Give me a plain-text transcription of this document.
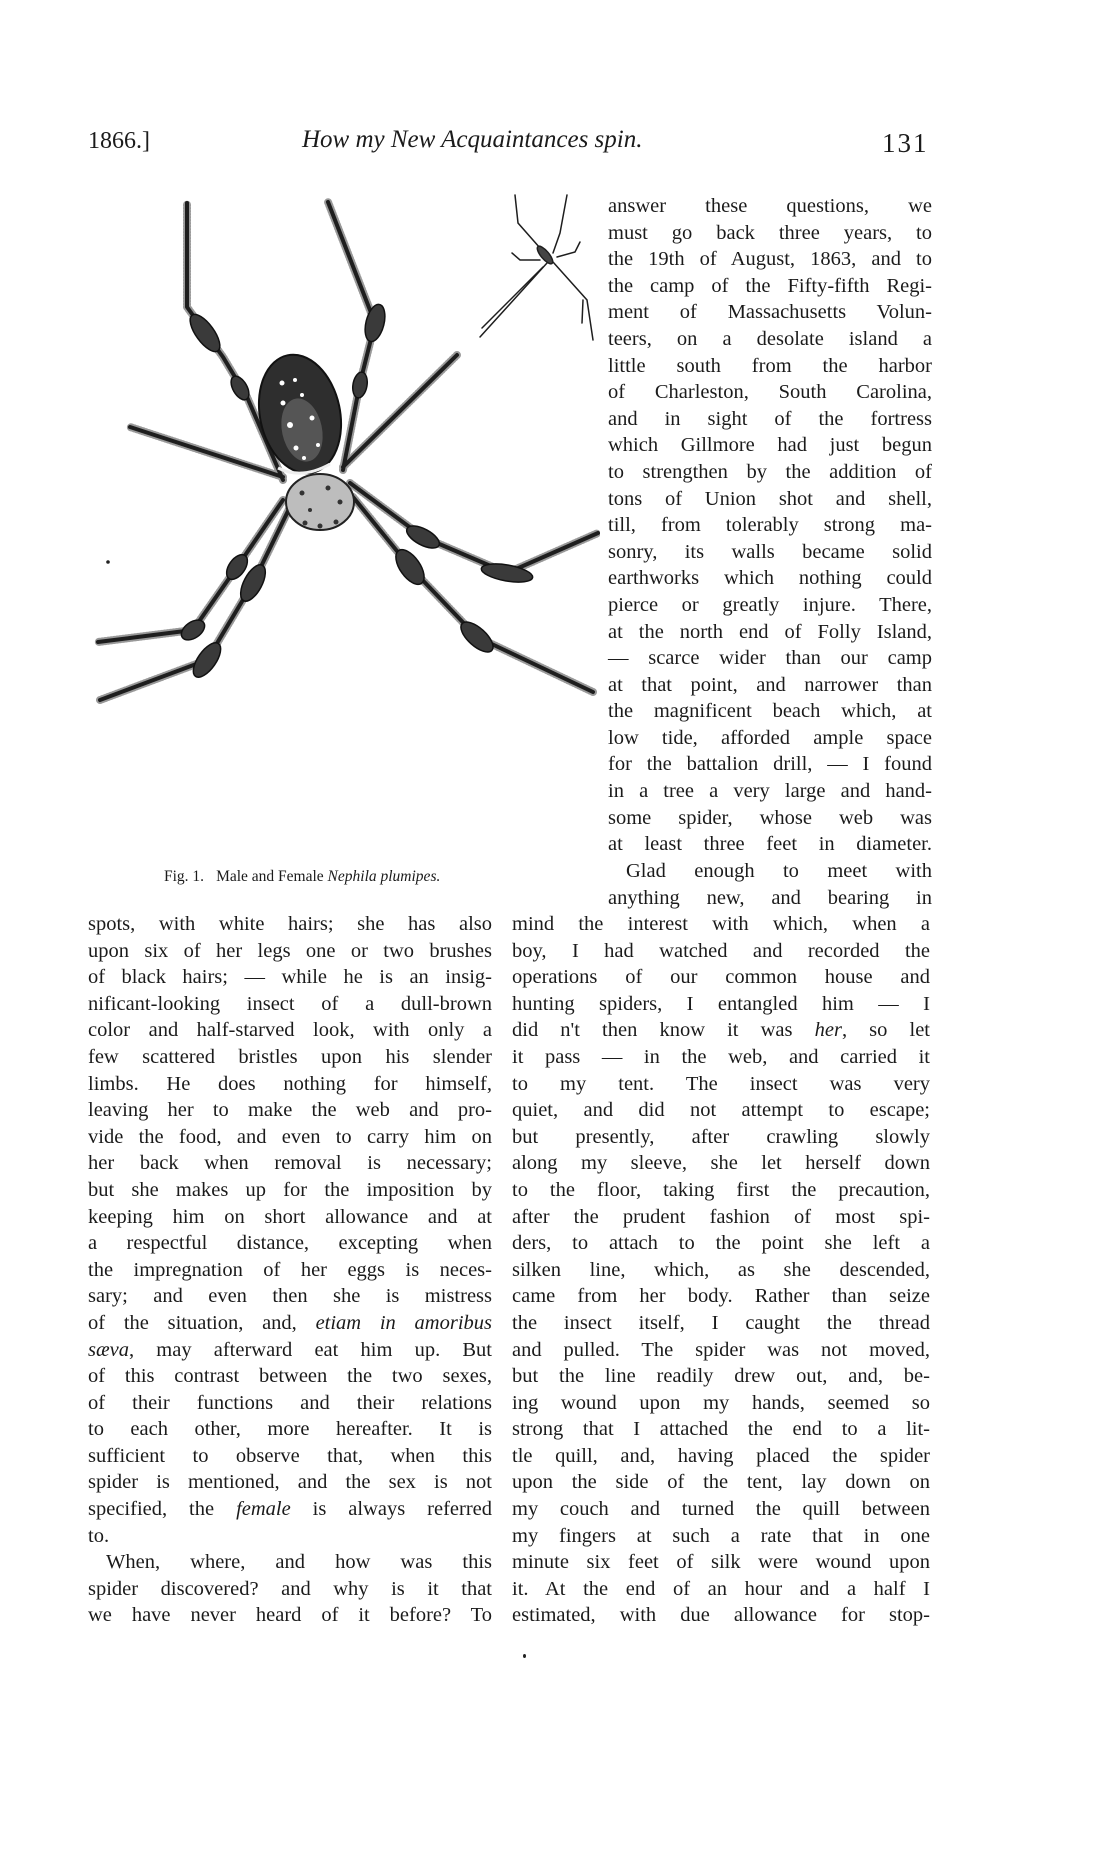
1866.]	How my New Acquaintances spin.	131
Fig. 1. Male and Female Nephila plumipes.
answer these questions, we
must go back three years, to
the 19th of August, 1863, and to
the camp of the Fifty-fifth Regi-
ment of Massachusetts Volun-
teers, on a desolate island a
little south from the harbor
of Charleston, South Carolina,
and in sight of the fortress
which Gillmore had just begun
to strengthen by the addition of
tons of Union shot and shell,
till, from tolerably strong ma-
sonry, its walls became solid
earthworks which nothing could
pierce or greatly injure. There,
at the north end of Folly Island,
— scarce wider than our camp
at that point, and narrower than
the magnificent beach which, at
low tide, afforded ample space
for the battalion drill, — I found
in a tree a very large and hand-
some spider, whose web was
at least three feet in diameter.
Glad enough to meet with
anything new, and bearing in
spots, with white hairs; she has also
upon six of her legs one or two brushes
of black hairs; — while he is an insig-
nificant-looking insect of a dull-brown
color and half-starved look, with only a
few scattered bristles upon his slender
limbs. He does nothing for himself,
leaving her to make the web and pro-
vide the food, and even to carry him on
her back when removal is necessary;
but she makes up for the imposition by
keeping him on short allowance and at
a respectful distance, excepting when
the impregnation of her eggs is neces-
sary; and even then she is mistress
of the situation, and, etiam in amoribus
sæva, may afterward eat him up. But
of this contrast between the two sexes,
of their functions and their relations
to each other, more hereafter. It is
sufficient to observe that, when this
spider is mentioned, and the sex is not
specified, the female is always referred
to.
When, where, and how was this
spider discovered? and why is it that
we have never heard of it before? To
mind the interest with which, when a
boy, I had watched and recorded the
operations of our common house and
hunting spiders, I entangled him — I
did n't then know it was her, so let
it pass — in the web, and carried it
to my tent. The insect was very
quiet, and did not attempt to escape;
but presently, after crawling slowly
along my sleeve, she let herself down
to the floor, taking first the precaution,
after the prudent fashion of most spi-
ders, to attach to the point she left a
silken line, which, as she descended,
came from her body. Rather than seize
the insect itself, I caught the thread
and pulled. The spider was not moved,
but the line readily drew out, and, be-
ing wound upon my hands, seemed so
strong that I attached the end to a lit-
tle quill, and, having placed the spider
upon the side of the tent, lay down on
my couch and turned the quill between
my fingers at such a rate that in one
minute six feet of silk were wound upon
it. At the end of an hour and a half I
estimated, with due allowance for stop-
